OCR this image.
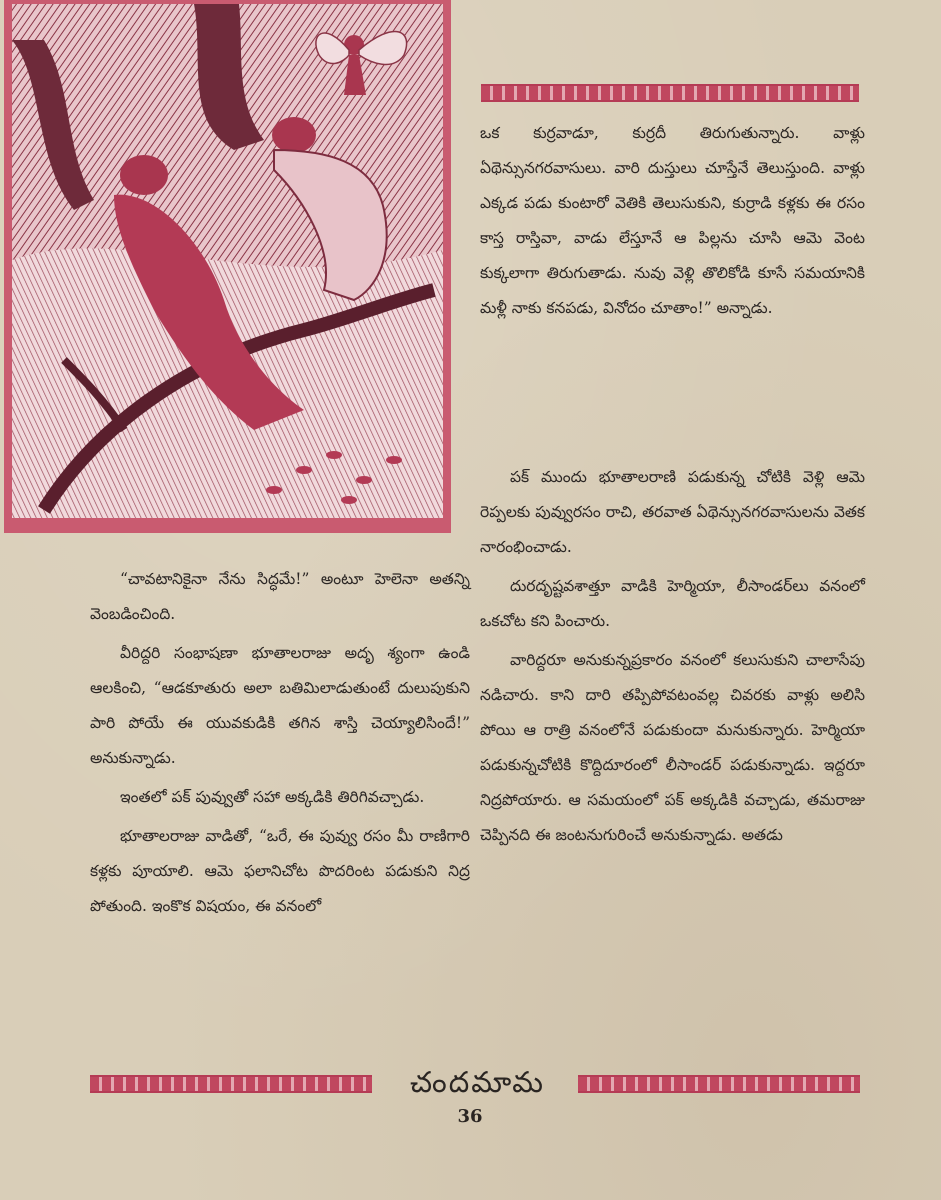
ఒక కుర్రవాడూ, కుర్రదీ తిరుగుతున్నారు. వాళ్లు ఏథెన్సునగరవాసులు. వారి దుస్తులు చూస్తేనే తెలుస్తుంది. వాళ్లు ఎక్కడ పడు కుంటారో వెతికి తెలుసుకుని, కుర్రాడి కళ్లకు ఈ రసం కాస్త రాస్తివా, వాడు లేస్తూనే ఆ పిల్లను చూసి ఆమె వెంట కుక్కలాగా తిరుగుతాడు. నువు వెళ్లి తొలికోడి కూసే సమయానికి మళ్లీ నాకు కనపడు, వినోదం చూతాం!” అన్నాడు.

పక్ ముందు భూతాలరాణి పడుకున్న చోటికి వెళ్లి ఆమె రెప్పలకు పువ్వురసం రాచి, తరవాత ఏథెన్సునగరవాసులను వెతక నారంభించాడు.

దురదృష్టవశాత్తూ వాడికి హెర్మియా, లీసాండర్‌లు వనంలో ఒకచోట కని పించారు.

వారిద్దరూ అనుకున్నప్రకారం వనంలో కలుసుకుని చాలాసేపు నడిచారు. కాని దారి తప్పిపోవటంవల్ల చివరకు వాళ్లు అలిసి పోయి ఆ రాత్రి వనంలోనే పడుకుందా మనుకున్నారు. హెర్మియా పడుకున్నచోటికి కొద్దిదూరంలో లీసాండర్ పడుకున్నాడు. ఇద్దరూ నిద్రపోయారు. ఆ సమయంలో పక్ అక్కడికి వచ్చాడు, తమరాజు చెప్పినది ఈ జంటనుగురించే అనుకున్నాడు. అతడు

“చావటానికైనా నేను సిద్ధమే!” అంటూ హెలెనా అతన్ని వెంబడించింది.

వీరిద్దరి సంభాషణా భూతాలరాజు అదృ శ్యంగా ఉండి ఆలకించి, “ఆడకూతురు అలా బతిమిలాడుతుంటే దులుపుకుని పారి పోయే ఈ యువకుడికి తగిన శాస్తి చెయ్యాలిసిందే!” అనుకున్నాడు.

ఇంతలో పక్ పువ్వుతో సహా అక్కడికి తిరిగివచ్చాడు.

భూతాలరాజు వాడితో, “ఒరే, ఈ పువ్వు రసం మీ రాణిగారి కళ్లకు పూయాలి. ఆమె ఫలానిచోట పొదరింట పడుకుని నిద్ర పోతుంది. ఇంకొక విషయం, ఈ వనంలో

చందమామ
36
